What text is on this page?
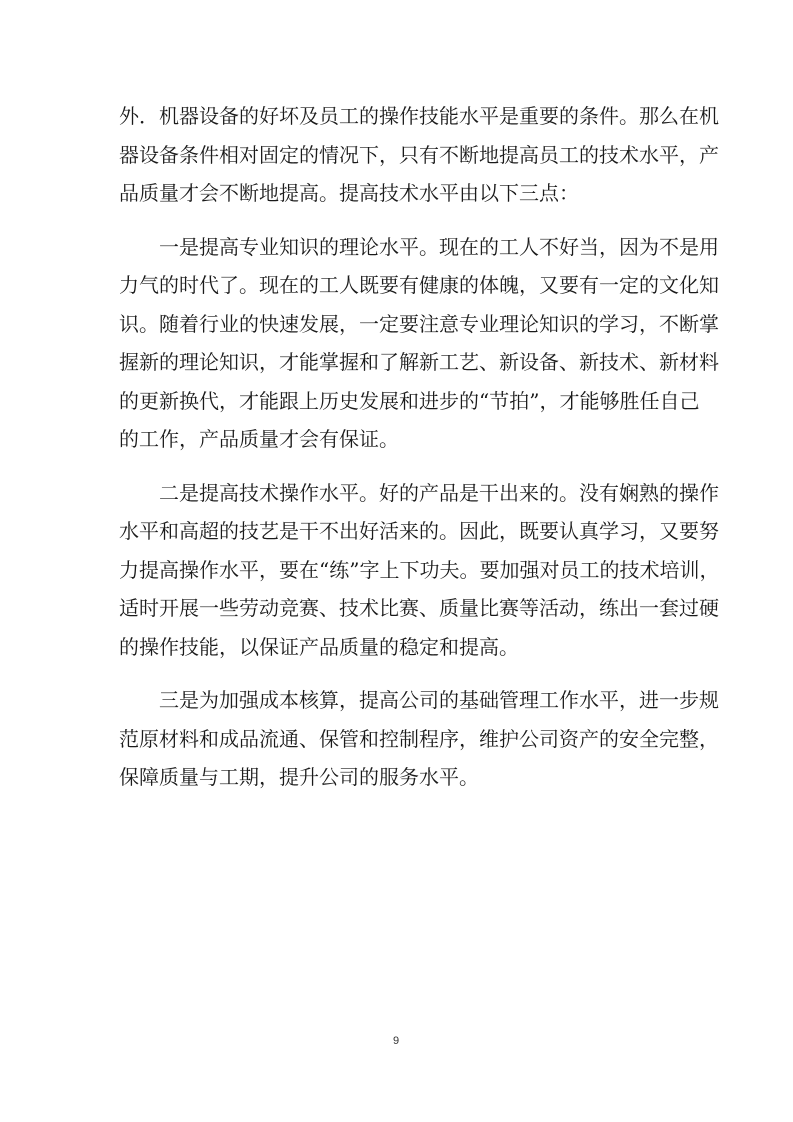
外．机器设备的好坏及员工的操作技能水平是重要的条件。那么在机
器设备条件相对固定的情况下，只有不断地提高员工的技术水平，产
品质量才会不断地提高。提高技术水平由以下三点：
一是提高专业知识的理论水平。现在的工人不好当，因为不是用
力气的时代了。现在的工人既要有健康的体魄，又要有一定的文化知
识。随着行业的快速发展，一定要注意专业理论知识的学习，不断掌
握新的理论知识，才能掌握和了解新工艺、新设备、新技术、新材料
的更新换代，才能跟上历史发展和进步的“节拍”，才能够胜任自己
的工作，产品质量才会有保证。
二是提高技术操作水平。好的产品是干出来的。没有娴熟的操作
水平和高超的技艺是干不出好活来的。因此，既要认真学习，又要努
力提高操作水平，要在“练”字上下功夫。要加强对员工的技术培训，
适时开展一些劳动竞赛、技术比赛、质量比赛等活动，练出一套过硬
的操作技能，以保证产品质量的稳定和提高。
三是为加强成本核算，提高公司的基础管理工作水平，进一步规
范原材料和成品流通、保管和控制程序，维护公司资产的安全完整，
保障质量与工期，提升公司的服务水平。
9
